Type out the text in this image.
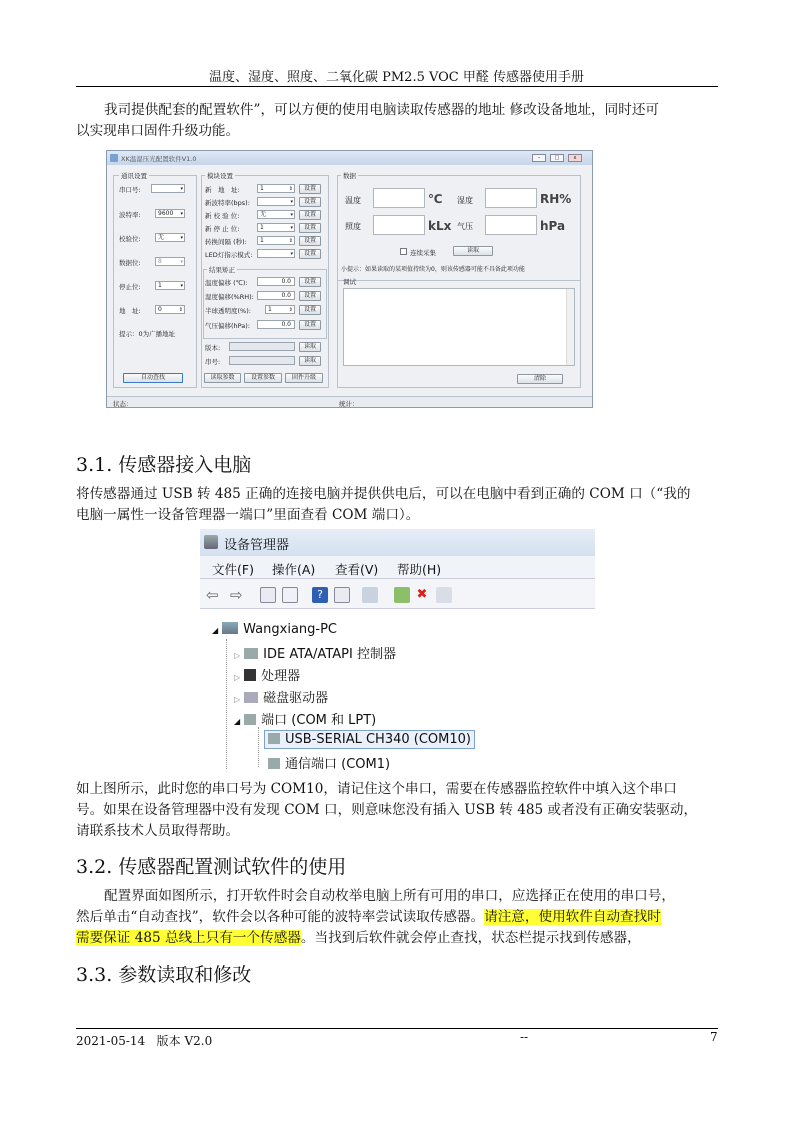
温度、湿度、照度、二氧化碳 PM2.5 VOC 甲醛 传感器使用手册
我司提供配套的配置软件”，可以方便的使用电脑读取传感器的地址 修改设备地址，同时还可
以实现串口固件升级功能。
XK温湿压光配置软件V1.0	–	□	x
通讯设置
串口号:	▾
波特率:	9600 ▾
校验位:	无	▾
数据位:	8	▾
停止位:	1	▾
地　址:	0	⇕
提示：0为广播地址
自动查找
模块设置
新　地　址:	1	⇕	设置
新波特率(bps):	▾	设置
新 校 验 位:	无	▾	设置
新 停 止 位:	1	▾	设置
转换间隔 (秒):	1	⇕	设置
LED灯指示模式:	▾	设置
结果矫正
温度偏移 (℃):	0.0	设置
湿度偏移(%RH):	0.0	设置
半球透明度(%):	1	⇕	设置
气压偏移(hPa):	0.0	设置
版本:	读取
串号:	读取
读取参数	设置参数	固件升级
数据
温度	℃ 湿度	RH%
照度	kLx 气压	hPa
连续采集	读取
小提示：如果读取的某项值持续为0，则该传感器可能不具备此项功能
调试
清除
状态：	统计：
3.1. 传感器接入电脑
将传感器通过 USB 转 485 正确的连接电脑并提供供电后，可以在电脑中看到正确的 COM 口（“我的
电脑一属性一设备管理器一端口”里面查看 COM 端口）。
设备管理器
文件(F) 操作(A) 查看(V) 帮助(H)
⇦ ⇨	?	✖
◢ Wangxiang-PC
▷ IDE ATA/ATAPI 控制器
▷ 处理器
▷ 磁盘驱动器
◢ 端口 (COM 和 LPT)
USB-SERIAL CH340 (COM10)
通信端口 (COM1)
如上图所示，此时您的串口号为 COM10，请记住这个串口，需要在传感器监控软件中填入这个串口
号。如果在设备管理器中没有发现 COM 口，则意味您没有插入 USB 转 485 或者没有正确安装驱动，
请联系技术人员取得帮助。
3.2. 传感器配置测试软件的使用
配置界面如图所示，打开软件时会自动枚举电脑上所有可用的串口，应选择正在使用的串口号，
然后单击“自动查找”，软件会以各种可能的波特率尝试读取传感器。请注意，使用软件自动查找时
需要保证 485 总线上只有一个传感器。当找到后软件就会停止查找，状态栏提示找到传感器，
3.3. 参数读取和修改
2021-05-14 版本 V2.0	--	7
